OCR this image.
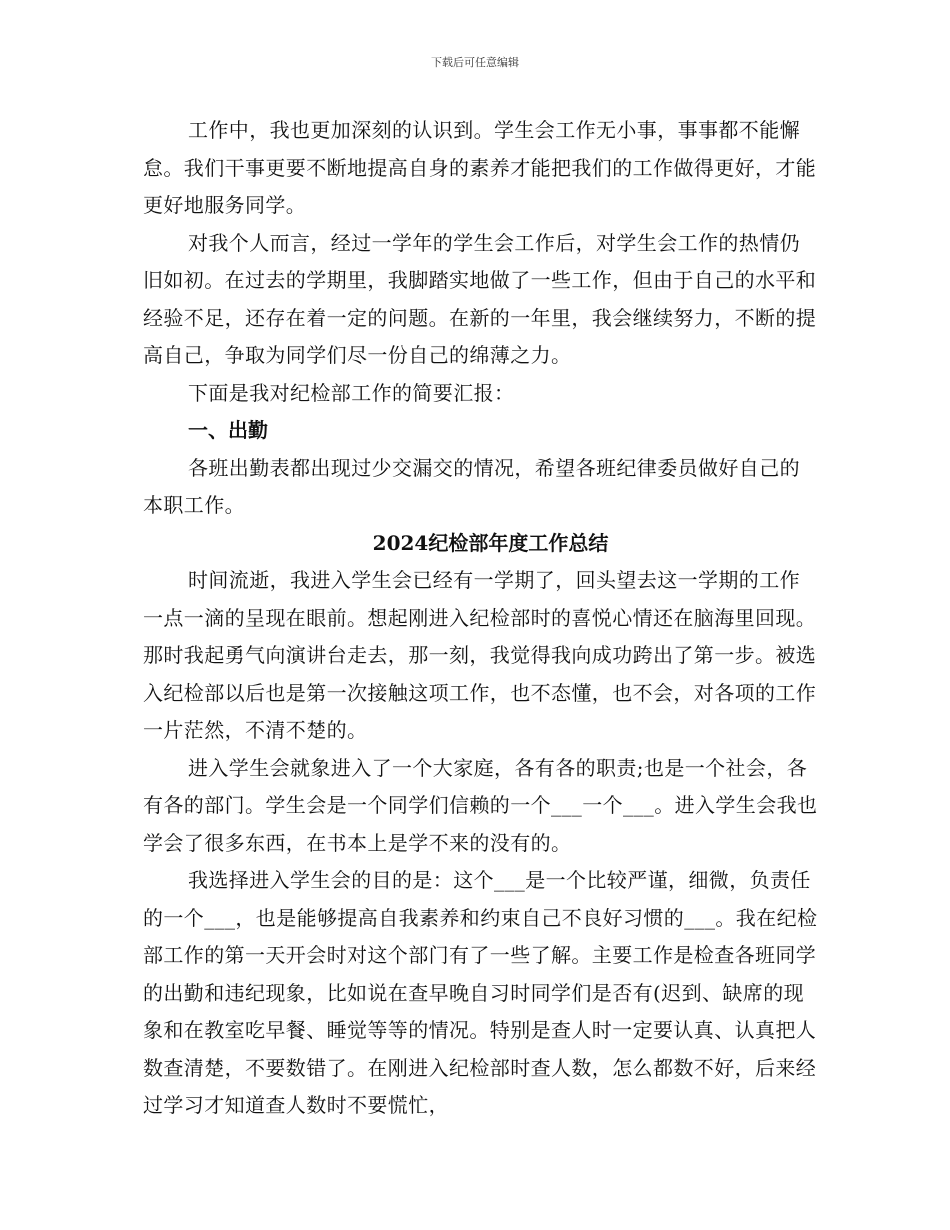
下载后可任意编辑

工作中，我也更加深刻的认识到。学生会工作无小事，事事都不能懈怠。我们干事更要不断地提高自身的素养才能把我们的工作做得更好，才能更好地服务同学。

对我个人而言，经过一学年的学生会工作后，对学生会工作的热情仍旧如初。在过去的学期里，我脚踏实地做了一些工作，但由于自己的水平和经验不足，还存在着一定的问题。在新的一年里，我会继续努力，不断的提高自己，争取为同学们尽一份自己的绵薄之力。

下面是我对纪检部工作的简要汇报：

一、出勤

各班出勤表都出现过少交漏交的情况，希望各班纪律委员做好自己的本职工作。

2024纪检部年度工作总结

时间流逝，我进入学生会已经有一学期了，回头望去这一学期的工作一点一滴的呈现在眼前。想起刚进入纪检部时的喜悦心情还在脑海里回现。那时我起勇气向演讲台走去，那一刻，我觉得我向成功跨出了第一步。被选入纪检部以后也是第一次接触这项工作，也不态懂，也不会，对各项的工作一片茫然，不清不楚的。

进入学生会就象进入了一个大家庭，各有各的职责;也是一个社会，各有各的部门。学生会是一个同学们信赖的一个___一个___。进入学生会我也学会了很多东西，在书本上是学不来的没有的。

我选择进入学生会的目的是：这个___是一个比较严谨，细微，负责任的一个___，也是能够提高自我素养和约束自己不良好习惯的___。我在纪检部工作的第一天开会时对这个部门有了一些了解。主要工作是检查各班同学的出勤和违纪现象，比如说在查早晚自习时同学们是否有(迟到、缺席的现象和在教室吃早餐、睡觉等等的情况。特别是查人时一定要认真、认真把人数查清楚，不要数错了。在刚进入纪检部时查人数，怎么都数不好，后来经过学习才知道查人数时不要慌忙，
